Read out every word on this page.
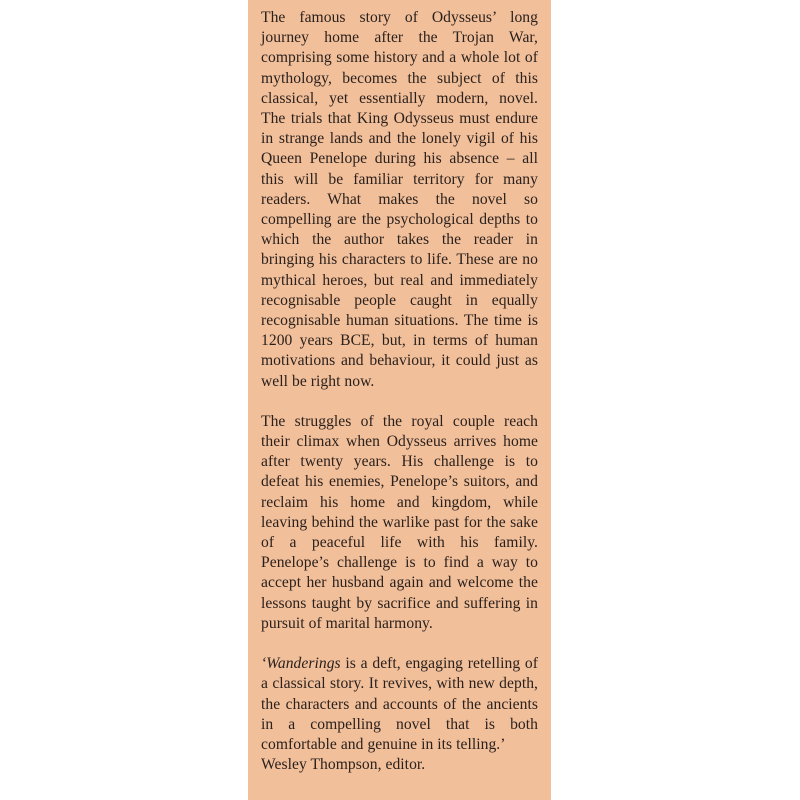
The famous story of Odysseus’ long journey home after the Trojan War, comprising some history and a whole lot of mythology, becomes the subject of this classical, yet essentially modern, novel. The trials that King Odysseus must endure in strange lands and the lonely vigil of his Queen Penelope during his absence – all this will be familiar territory for many readers. What makes the novel so compelling are the psychological depths to which the author takes the reader in bringing his characters to life. These are no mythical heroes, but real and immediately recognisable people caught in equally recognisable human situations. The time is 1200 years BCE, but, in terms of human motivations and behaviour, it could just as well be right now.

The struggles of the royal couple reach their climax when Odysseus arrives home after twenty years. His challenge is to defeat his enemies, Penelope’s suitors, and reclaim his home and kingdom, while leaving behind the warlike past for the sake of a peaceful life with his family. Penelope’s challenge is to find a way to accept her husband again and welcome the lessons taught by sacrifice and suffering in pursuit of marital harmony.

‘Wanderings is a deft, engaging retelling of a classical story. It revives, with new depth, the characters and accounts of the ancients in a compelling novel that is both comfortable and genuine in its telling.’
Wesley Thompson, editor.
